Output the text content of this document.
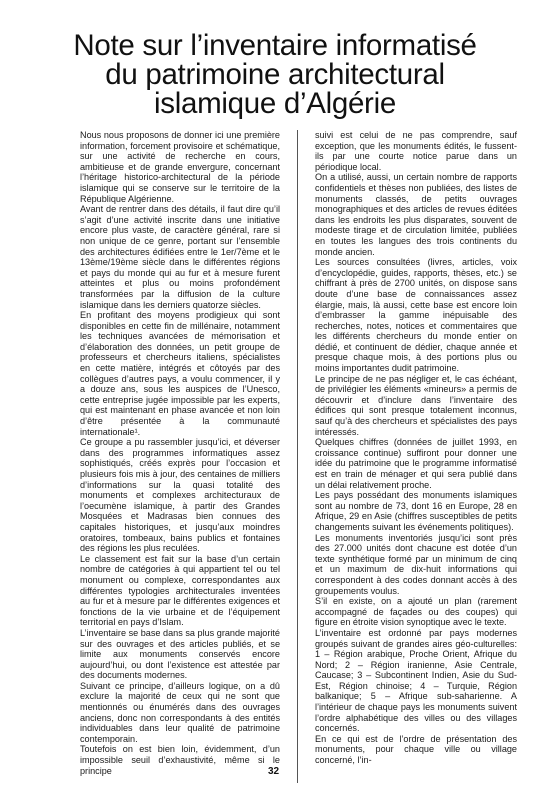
Note sur l’inventaire informatisé
du patrimoine architectural
islamique d’Algérie

Nous nous proposons de donner ici une première information, forcement provisoire et schématique, sur une activité de recherche en cours, ambitieuse et de grande envergure, concernant l’héritage historico-architectural de la période islamique qui se conserve sur le territoire de la République Algérienne.

Avant de rentrer dans des détails, il faut dire qu’il s’agit d’une activité inscrite dans une initiative encore plus vaste, de caractère général, rare si non unique de ce genre, portant sur l’ensemble des architectures édifiées entre le 1er/7ème et le 13ème/19ème siècle dans le différentes régions et pays du monde qui au fur et à mesure furent atteintes et plus ou moins profondément transformées par la diffusion de la culture islamique dans les derniers quatorze siècles.

En profitant des moyens prodigieux qui sont disponibles en cette fin de millénaire, notamment les techniques avancées de mémorisation et d’élaboration des données, un petit groupe de professeurs et chercheurs italiens, spécialistes en cette matière, intégrés et côtoyés par des collègues d’autres pays, a voulu commencer, il y a douze ans, sous les auspices de l’Unesco, cette entreprise jugée impossible par les experts, qui est maintenant en phase avancée et non loin d’être présentée à la communauté internationale¹.

Ce groupe a pu rassembler jusqu’ici, et déverser dans des programmes informatiques assez sophistiqués, créés exprès pour l’occasion et plusieurs fois mis à jour, des centaines de milliers d’informations sur la quasi totalité des monuments et complexes architecturaux de l’oecumène islamique, à partir des Grandes Mosquées et Madrasas bien connues des capitales historiques, et jusqu’aux moindres oratoires, tombeaux, bains publics et fontaines des régions les plus reculées.

Le classement est fait sur la base d’un certain nombre de catégories à qui appartient tel ou tel monument ou complexe, correspondantes aux différentes typologies architecturales inventées au fur et à mesure par le différentes exigences et fonctions de la vie urbaine et de l’équipement territorial en pays d’Islam.

L’inventaire se base dans sa plus grande majorité sur des ouvrages et des articles publiés, et se limite aux monuments conservés encore aujourd’hui, ou dont l’existence est attestée par des documents modernes.

Suivant ce principe, d’ailleurs logique, on a dû exclure la majorité de ceux qui ne sont que mentionnés ou énumérés dans des ouvrages anciens, donc non correspondants à des entités individuables dans leur qualité de patrimoine contemporain.

Toutefois on est bien loin, évidemment, d’un impossible seuil d’exhaustivité, même si le principe

suivi est celui de ne pas comprendre, sauf exception, que les monuments édités, le fussent-ils par une courte notice parue dans un périodique local.

On a utilisé, aussi, un certain nombre de rapports confidentiels et thèses non publiées, des listes de monuments classés, de petits ouvrages monographiques et des articles de revues éditées dans les endroits les plus disparates, souvent de modeste tirage et de circulation limitée, publiées en toutes les langues des trois continents du monde ancien.

Les sources consultées (livres, articles, voix d’encyclopédie, guides, rapports, thèses, etc.) se chiffrant à près de 2700 unités, on dispose sans doute d’une base de connaissances assez élargie, mais, là aussi, cette base est encore loin d’embrasser la gamme inépuisable des recherches, notes, notices et commentaires que les différents chercheurs du monde entier on dédié, et continuent de dédier, chaque année et presque chaque mois, à des portions plus ou moins importantes dudit patrimoine.

Le principe de ne pas négliger et, le cas échéant, de privilégier les éléments «mineurs» a permis de découvrir et d’inclure dans l’inventaire des édifices qui sont presque totalement inconnus, sauf qu’à des chercheurs et spécialistes des pays intéressés.

Quelques chiffres (données de juillet 1993, en croissance continue) suffiront pour donner une idée du patrimoine que le programme informatisé est en train de ménager et qui sera publié dans un délai relativement proche.

Les pays possédant des monuments islamiques sont au nombre de 73, dont 16 en Europe, 28 en Afrique, 29 en Asie (chiffres susceptibles de petits changements suivant les événements politiques).

Les monuments inventoriés jusqu’ici sont près des 27.000 unités dont chacune est dotée d’un texte synthétique formé par un minimum de cinq et un maximum de dix-huit informations qui correspondent à des codes donnant accès à des groupements voulus.

S’il en existe, on a ajouté un plan (rarement accompagné de façades ou des coupes) qui figure en étroite vision synoptique avec le texte.

L’inventaire est ordonné par pays modernes groupés suivant de grandes aires géo-culturelles: 1 – Région arabique, Proche Orient, Afrique du Nord; 2 – Région iranienne, Asie Centrale, Caucase; 3 – Subcontinent Indien, Asie du Sud-Est, Région chinoise; 4 – Turquie, Région balkanique; 5 – Afrique sub-saharienne. A l’intérieur de chaque pays les monuments suivent l’ordre alphabétique des villes ou des villages concernés.

En ce qui est de l’ordre de présentation des monuments, pour chaque ville ou village concerné, l’in-

32
